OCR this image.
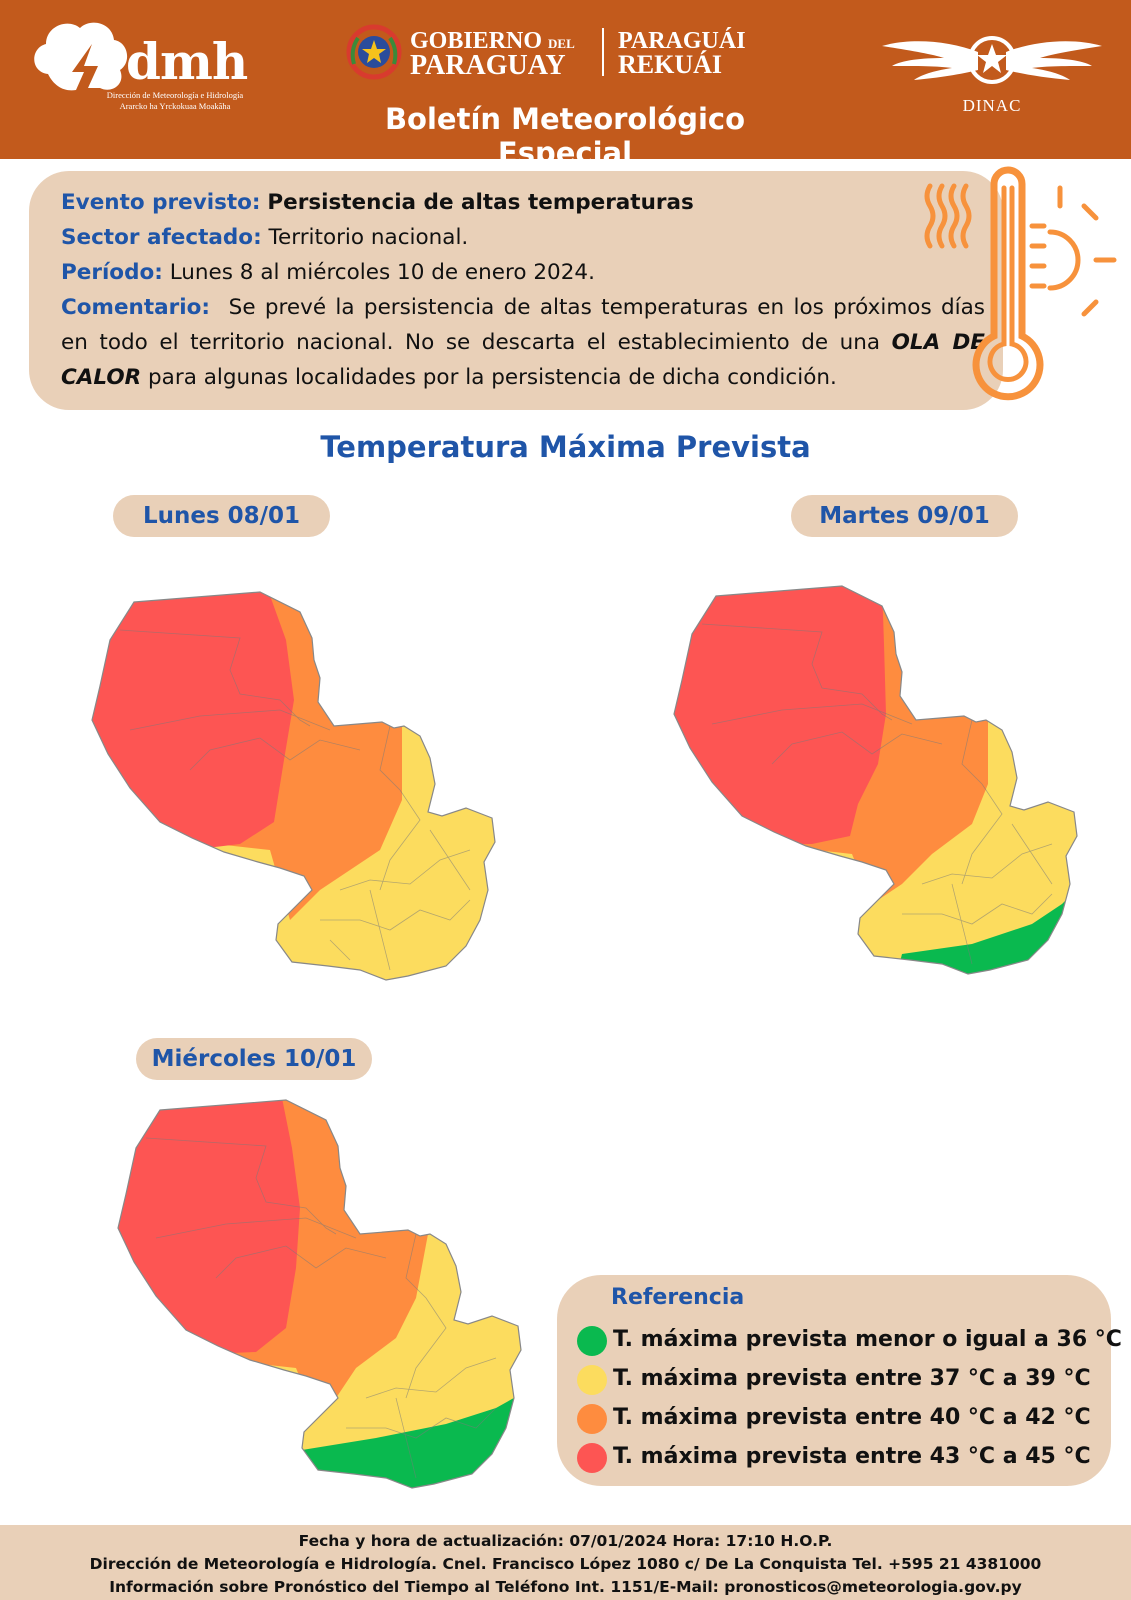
dmh
Dirección de Meteorología e Hidrología
Ararcko ha Yrckokuaa Moakãha
GOBIERNO DEL
PARAGUAY
PARAGUÁI
REKUÁI
Boletín Meteorológico Especial
DINAC
Evento previsto: Persistencia de altas temperaturas
Sector afectado: Territorio nacional.
Período: Lunes 8 al miércoles 10 de enero 2024.
Comentario: Se prevé la persistencia de altas temperaturas en los próximos días en todo el territorio nacional. No se descarta el establecimiento de una OLA DE CALOR para algunas localidades por la persistencia de dicha condición.
Temperatura Máxima Prevista
Lunes 08/01	Martes 09/01
Miércoles 10/01
Referencia
T. máxima prevista menor o igual a 36 °C
T. máxima prevista entre 37 °C a 39 °C
T. máxima prevista entre 40 °C a 42 °C
T. máxima prevista entre 43 °C a 45 °C
Fecha y hora de actualización: 07/01/2024 Hora: 17:10 H.O.P.
Dirección de Meteorología e Hidrología. Cnel. Francisco López 1080 c/ De La Conquista Tel. +595 21 4381000
Información sobre Pronóstico del Tiempo al Teléfono Int. 1151/E-Mail: pronosticos@meteorologia.gov.py
